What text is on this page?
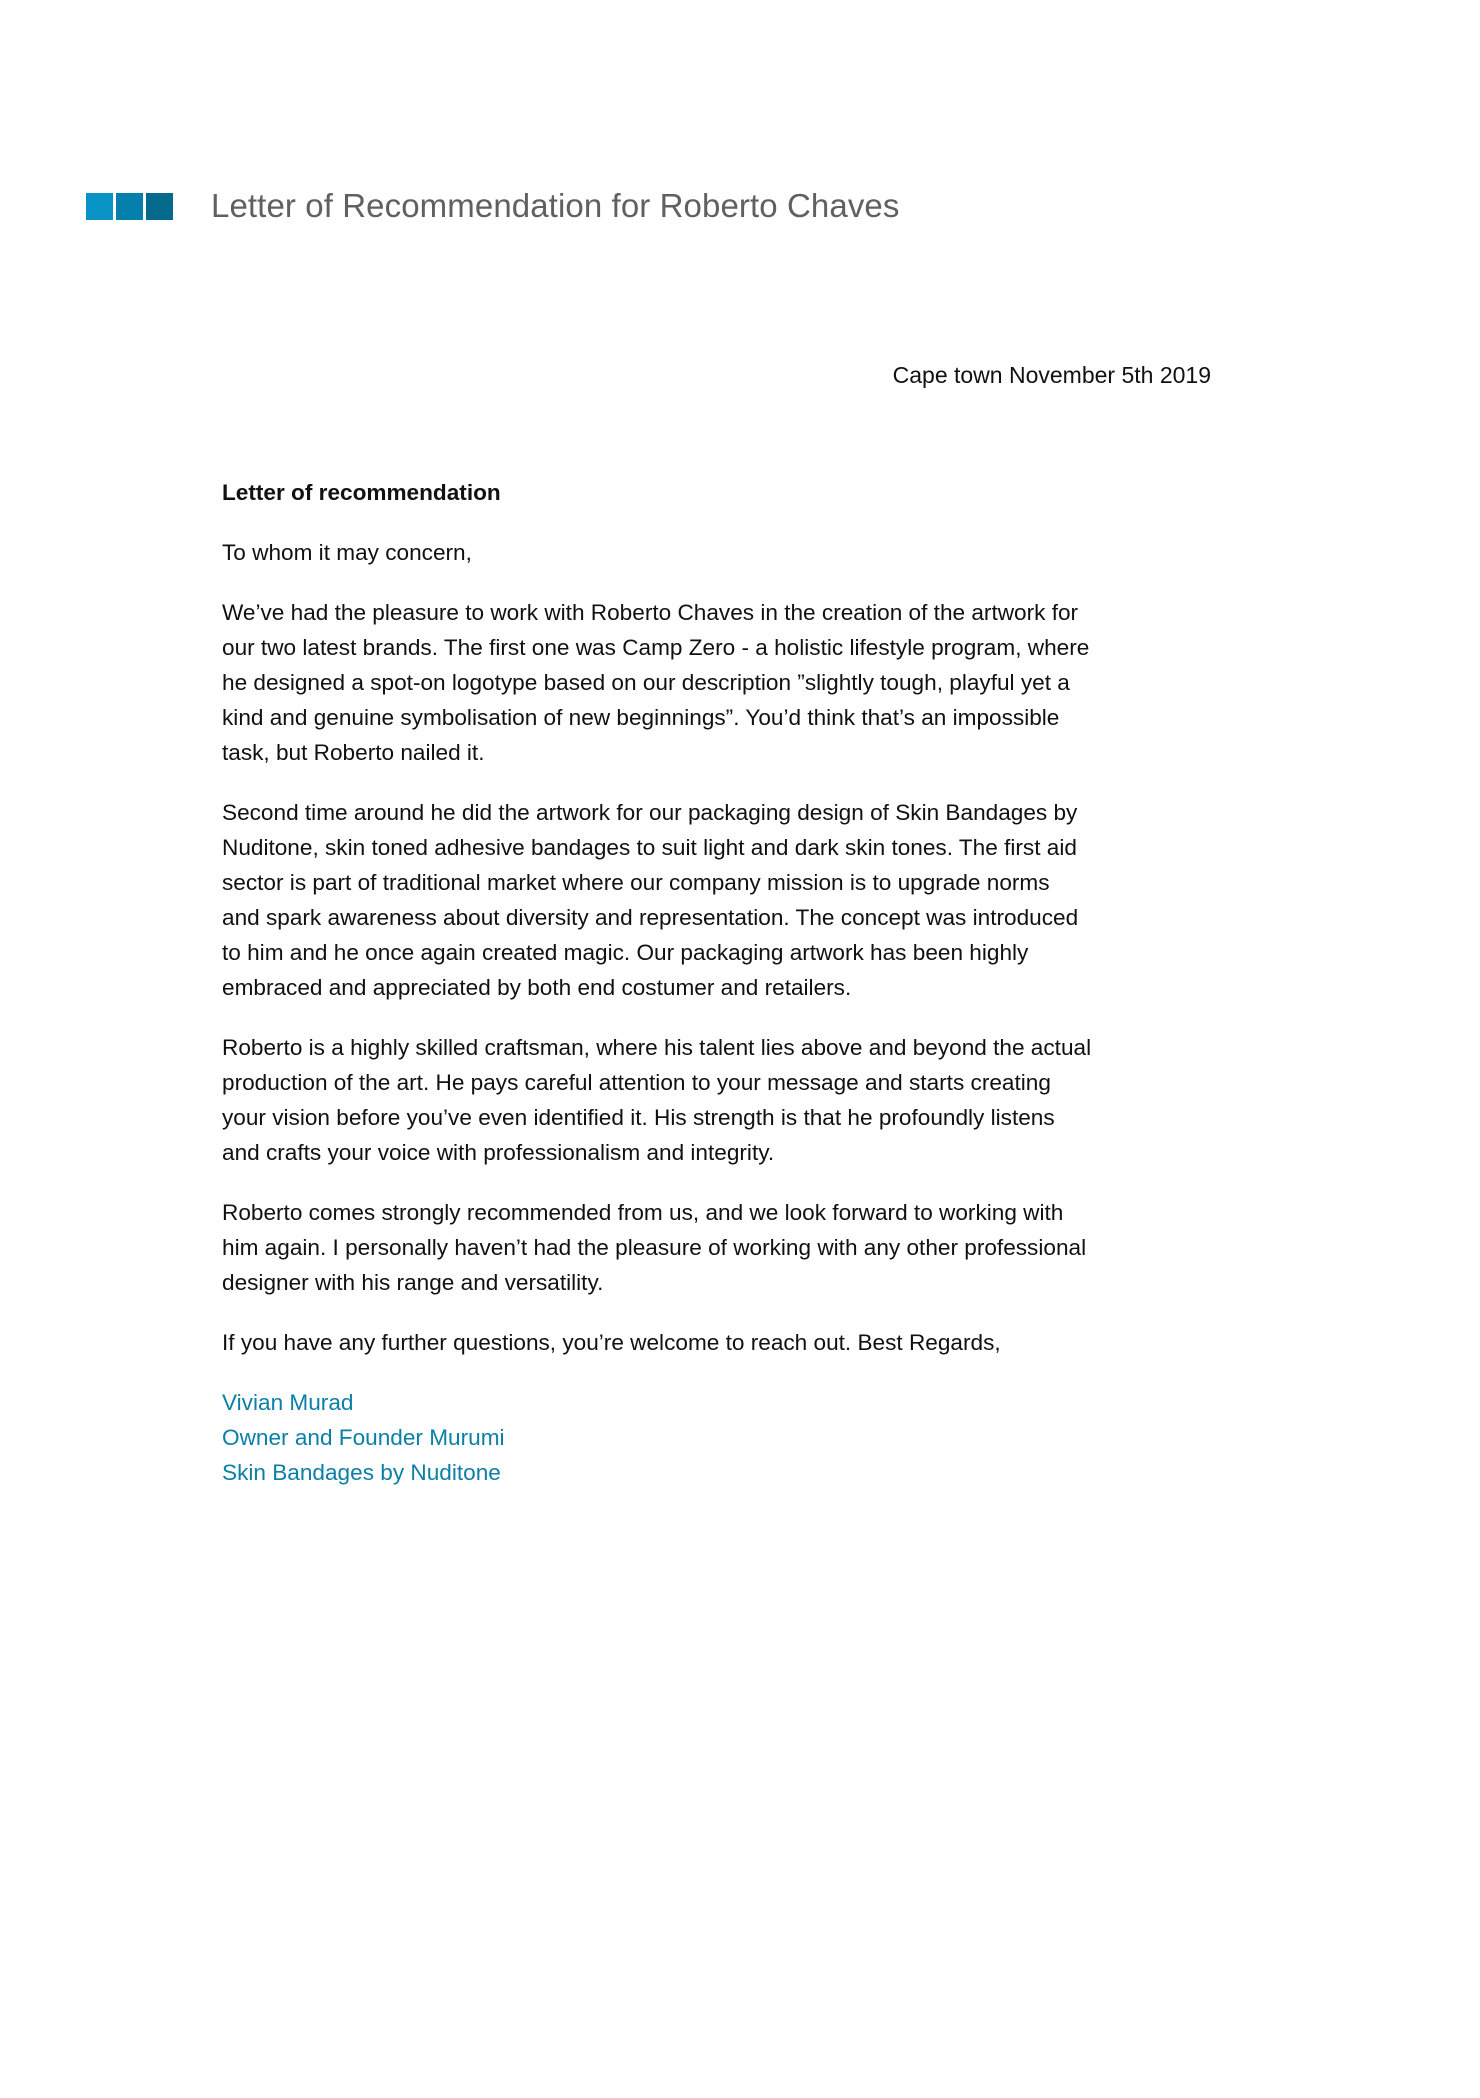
Letter of Recommendation for Roberto Chaves
Cape town November 5th 2019

Letter of recommendation

To whom it may concern,

We’ve had the pleasure to work with Roberto Chaves in the creation of the artwork for
our two latest brands. The first one was Camp Zero - a holistic lifestyle program, where
he designed a spot-on logotype based on our description ”slightly tough, playful yet a
kind and genuine symbolisation of new beginnings”. You’d think that’s an impossible
task, but Roberto nailed it.

Second time around he did the artwork for our packaging design of Skin Bandages by
Nuditone, skin toned adhesive bandages to suit light and dark skin tones. The first aid
sector is part of traditional market where our company mission is to upgrade norms
and spark awareness about diversity and representation. The concept was introduced
to him and he once again created magic. Our packaging artwork has been highly
embraced and appreciated by both end costumer and retailers.

Roberto is a highly skilled craftsman, where his talent lies above and beyond the actual
production of the art. He pays careful attention to your message and starts creating
your vision before you’ve even identified it. His strength is that he profoundly listens
and crafts your voice with professionalism and integrity.

Roberto comes strongly recommended from us, and we look forward to working with
him again. I personally haven’t had the pleasure of working with any other professional
designer with his range and versatility.

If you have any further questions, you’re welcome to reach out. Best Regards,

Vivian Murad
Owner and Founder Murumi
Skin Bandages by Nuditone
